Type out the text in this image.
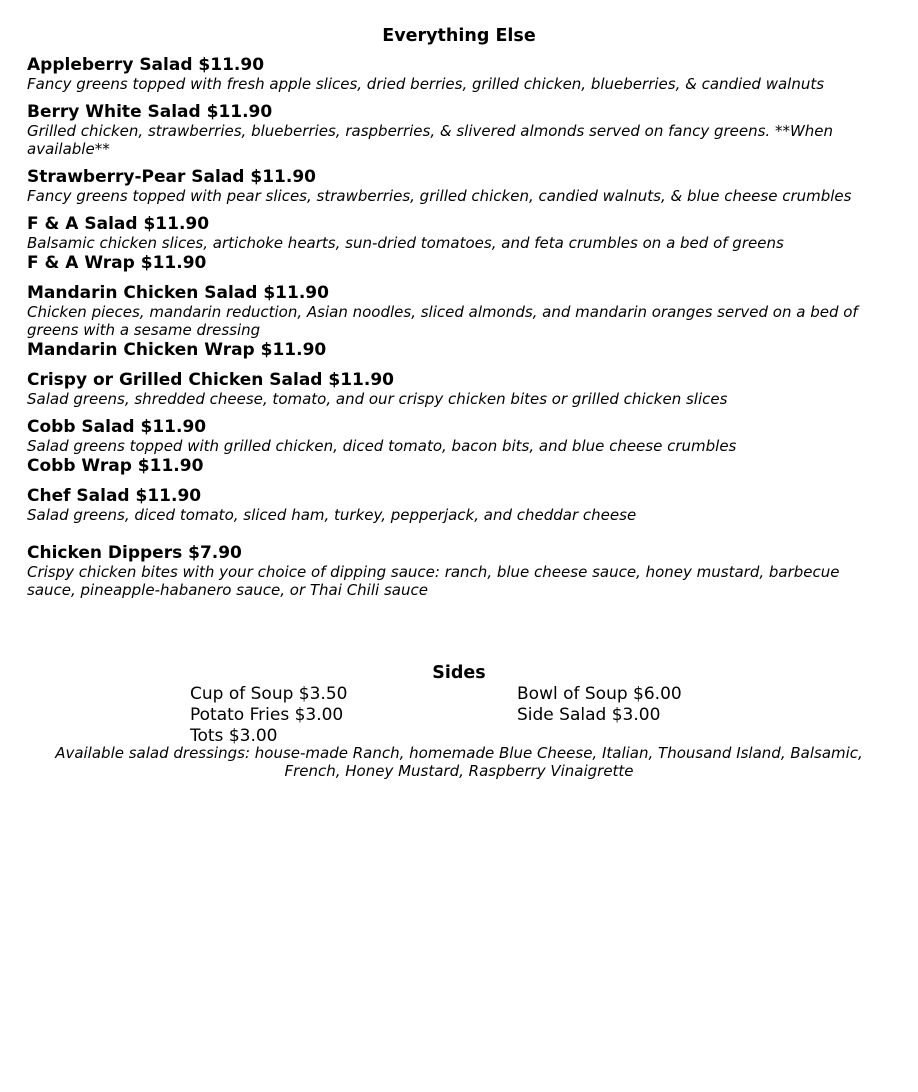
Everything Else
Appleberry Salad $11.90
Fancy greens topped with fresh apple slices, dried berries, grilled chicken, blueberries, & candied walnuts
Berry White Salad $11.90
Grilled chicken, strawberries, blueberries, raspberries, & slivered almonds served on fancy greens. **When available**
Strawberry-Pear Salad $11.90
Fancy greens topped with pear slices, strawberries, grilled chicken, candied walnuts, & blue cheese crumbles
F & A Salad $11.90
Balsamic chicken slices, artichoke hearts, sun-dried tomatoes, and feta crumbles on a bed of greens
F & A Wrap $11.90
Mandarin Chicken Salad $11.90
Chicken pieces, mandarin reduction, Asian noodles, sliced almonds, and mandarin oranges served on a bed of greens with a sesame dressing
Mandarin Chicken Wrap $11.90
Crispy or Grilled Chicken Salad $11.90
Salad greens, shredded cheese, tomato, and our crispy chicken bites or grilled chicken slices
Cobb Salad $11.90
Salad greens topped with grilled chicken, diced tomato, bacon bits, and blue cheese crumbles
Cobb Wrap $11.90
Chef Salad $11.90
Salad greens, diced tomato, sliced ham, turkey, pepperjack, and cheddar cheese
Chicken Dippers $7.90
Crispy chicken bites with your choice of dipping sauce: ranch, blue cheese sauce, honey mustard, barbecue sauce, pineapple-habanero sauce, or Thai Chili sauce
Sides
Cup of Soup $3.50
Potato Fries $3.00
Tots $3.00
Bowl of Soup $6.00
Side Salad $3.00
Available salad dressings: house-made Ranch, homemade Blue Cheese, Italian, Thousand Island, Balsamic, French, Honey Mustard, Raspberry Vinaigrette
